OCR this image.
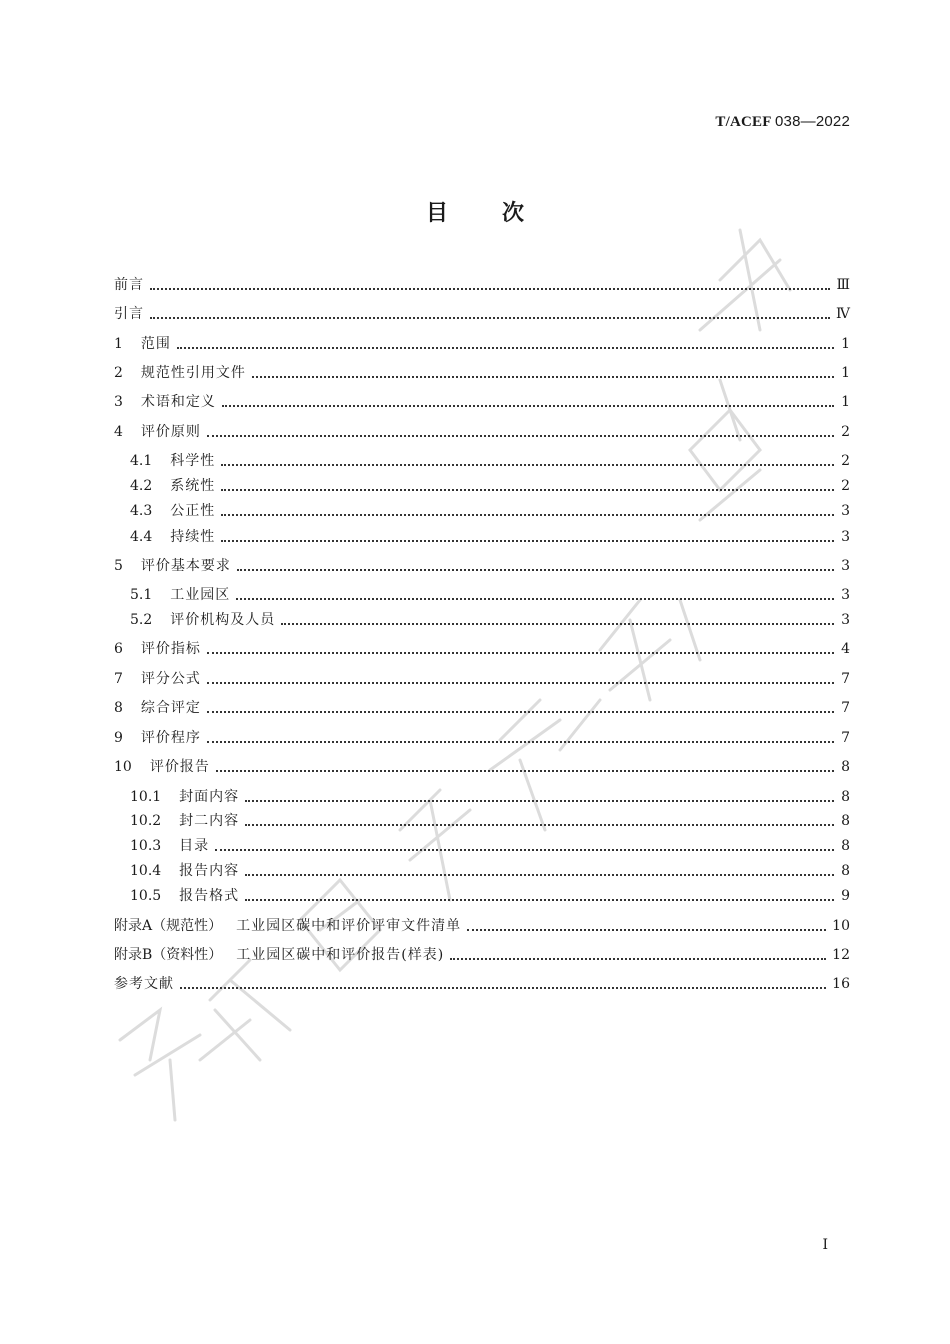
T/ACEF 038—2022
目次
前言	Ⅲ
引言	Ⅳ
1 范围	1
2 规范性引用文件	1
3 术语和定义	1
4 评价原则	2
4.1 科学性	2
4.2 系统性	2
4.3 公正性	3
4.4 持续性	3
5 评价基本要求	3
5.1 工业园区	3
5.2 评价机构及人员	3
6 评价指标	4
7 评分公式	7
8 综合评定	7
9 评价程序	7
10 评价报告	8
10.1 封面内容	8
10.2 封二内容	8
10.3 目录	8
10.4 报告内容	8
10.5 报告格式	9
附录A（规范性） 工业园区碳中和评价评审文件清单	10
附录B（资料性） 工业园区碳中和评价报告(样表)	12
参考文献	16
Ⅰ
